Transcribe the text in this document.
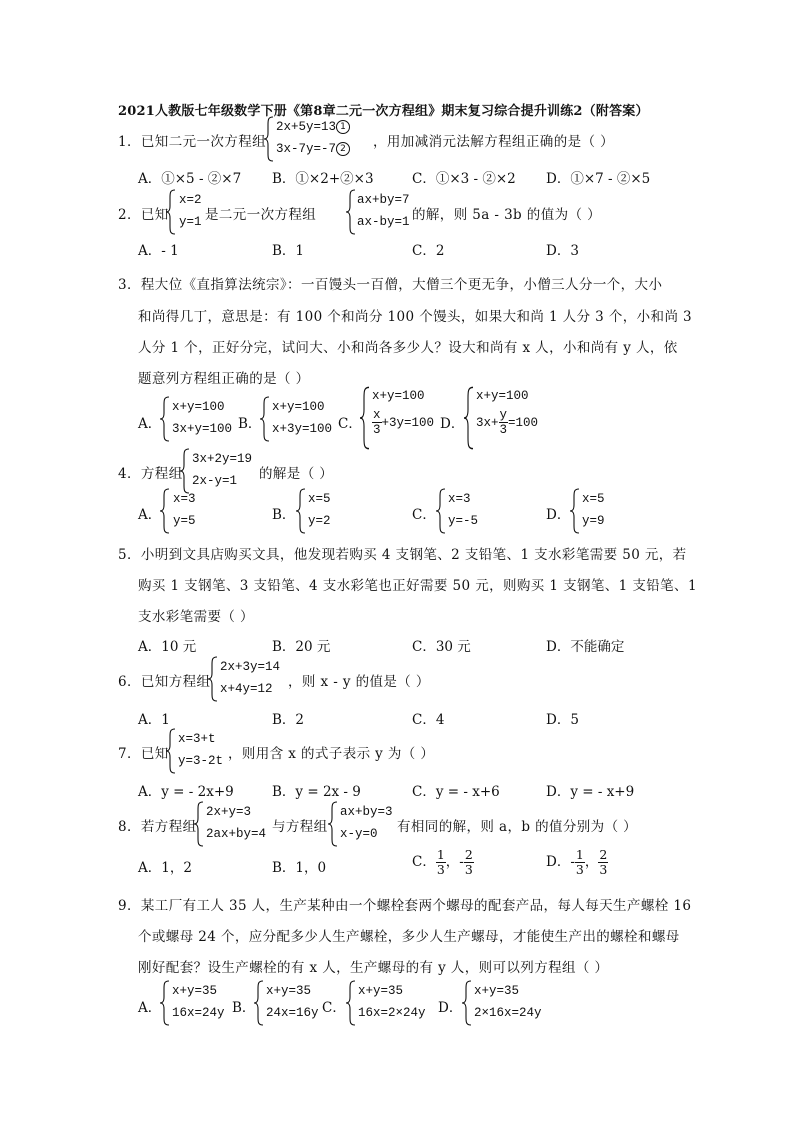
2021人教版七年级数学下册《第8章二元一次方程组》期末复习综合提升训练2（附答案）
1．已知二元一次方程组
2x+5y=13 1
3x-7y=-7 2	，用加减消元法解方程组正确的是（ ）
A．①×5 - ②×7 B．①×2+②×3	C．①×3 - ②×2 D．①×7 - ②×5
2．已知
x=2
y=1 是二元一次方程组
ax+by=7
ax-by=1 的解，则 5a - 3b 的值为（ ）
A．- 1	B．1	C．2	D．3
3．程大位《直指算法统宗》：一百馒头一百僧，大僧三个更无争，小僧三人分一个，大小
和尚得几丁，意思是：有 100 个和尚分 100 个馒头，如果大和尚 1 人分 3 个，小和尚 3
人分 1 个，正好分完，试问大、小和尚各多少人？设大和尚有 x 人，小和尚有 y 人，依
题意列方程组正确的是（ ）
A．
x+y=100
3x+y=100 B．
x+y=100
x+3y=100 C．
x+y=100
$\frac{x}{3} +3y=100$ D．
x+y=100
$3x+ \frac{y}{3} =100$
4．方程组
3x+2y=19
2x-y=1	的解是（ ）
A．
x=3
y=5	B．
x=5
y=2	C．
x=3
y=-5	D．
x=5
y=9
5．小明到文具店购买文具，他发现若购买 4 支钢笔、2 支铅笔、1 支水彩笔需要 50 元，若
购买 1 支钢笔、3 支铅笔、4 支水彩笔也正好需要 50 元，则购买 1 支钢笔、1 支铅笔、1
支水彩笔需要（ ）
A．10 元	B．20 元	C．30 元	D．不能确定
6．已知方程组
2x+3y=14
x+4y=12	，则 x - y 的值是（ ）
A．1	B．2	C．4	D．5
7．已知
x=3+t
y=3-2t ，则用含 x 的式子表示 y 为（ ）
A．y = - 2x+9	B．y = 2x - 9	C．y = - x+6	D．y = - x+9
8．若方程组
2x+y=3
2ax+by=4 与方程组
ax+by=3
x-y=0	有相同的解，则 a，b 的值分别为（ ）
A．1，2	B．1，0	C． $\frac{1}{3}$ ，- $\frac{2}{3}$	D．- $\frac{1}{3}$ ， $\frac{2}{3}$
9．某工厂有工人 35 人，生产某种由一个螺栓套两个螺母的配套产品，每人每天生产螺栓 16
个或螺母 24 个，应分配多少人生产螺栓，多少人生产螺母，才能使生产出的螺栓和螺母
刚好配套？设生产螺栓的有 x 人，生产螺母的有 y 人，则可以列方程组（ ）
A．
x+y=35
16x=24y B．
x+y=35
24x=16y C．
x+y=35
16x=2×24y D．
x+y=35
2×16x=24y
